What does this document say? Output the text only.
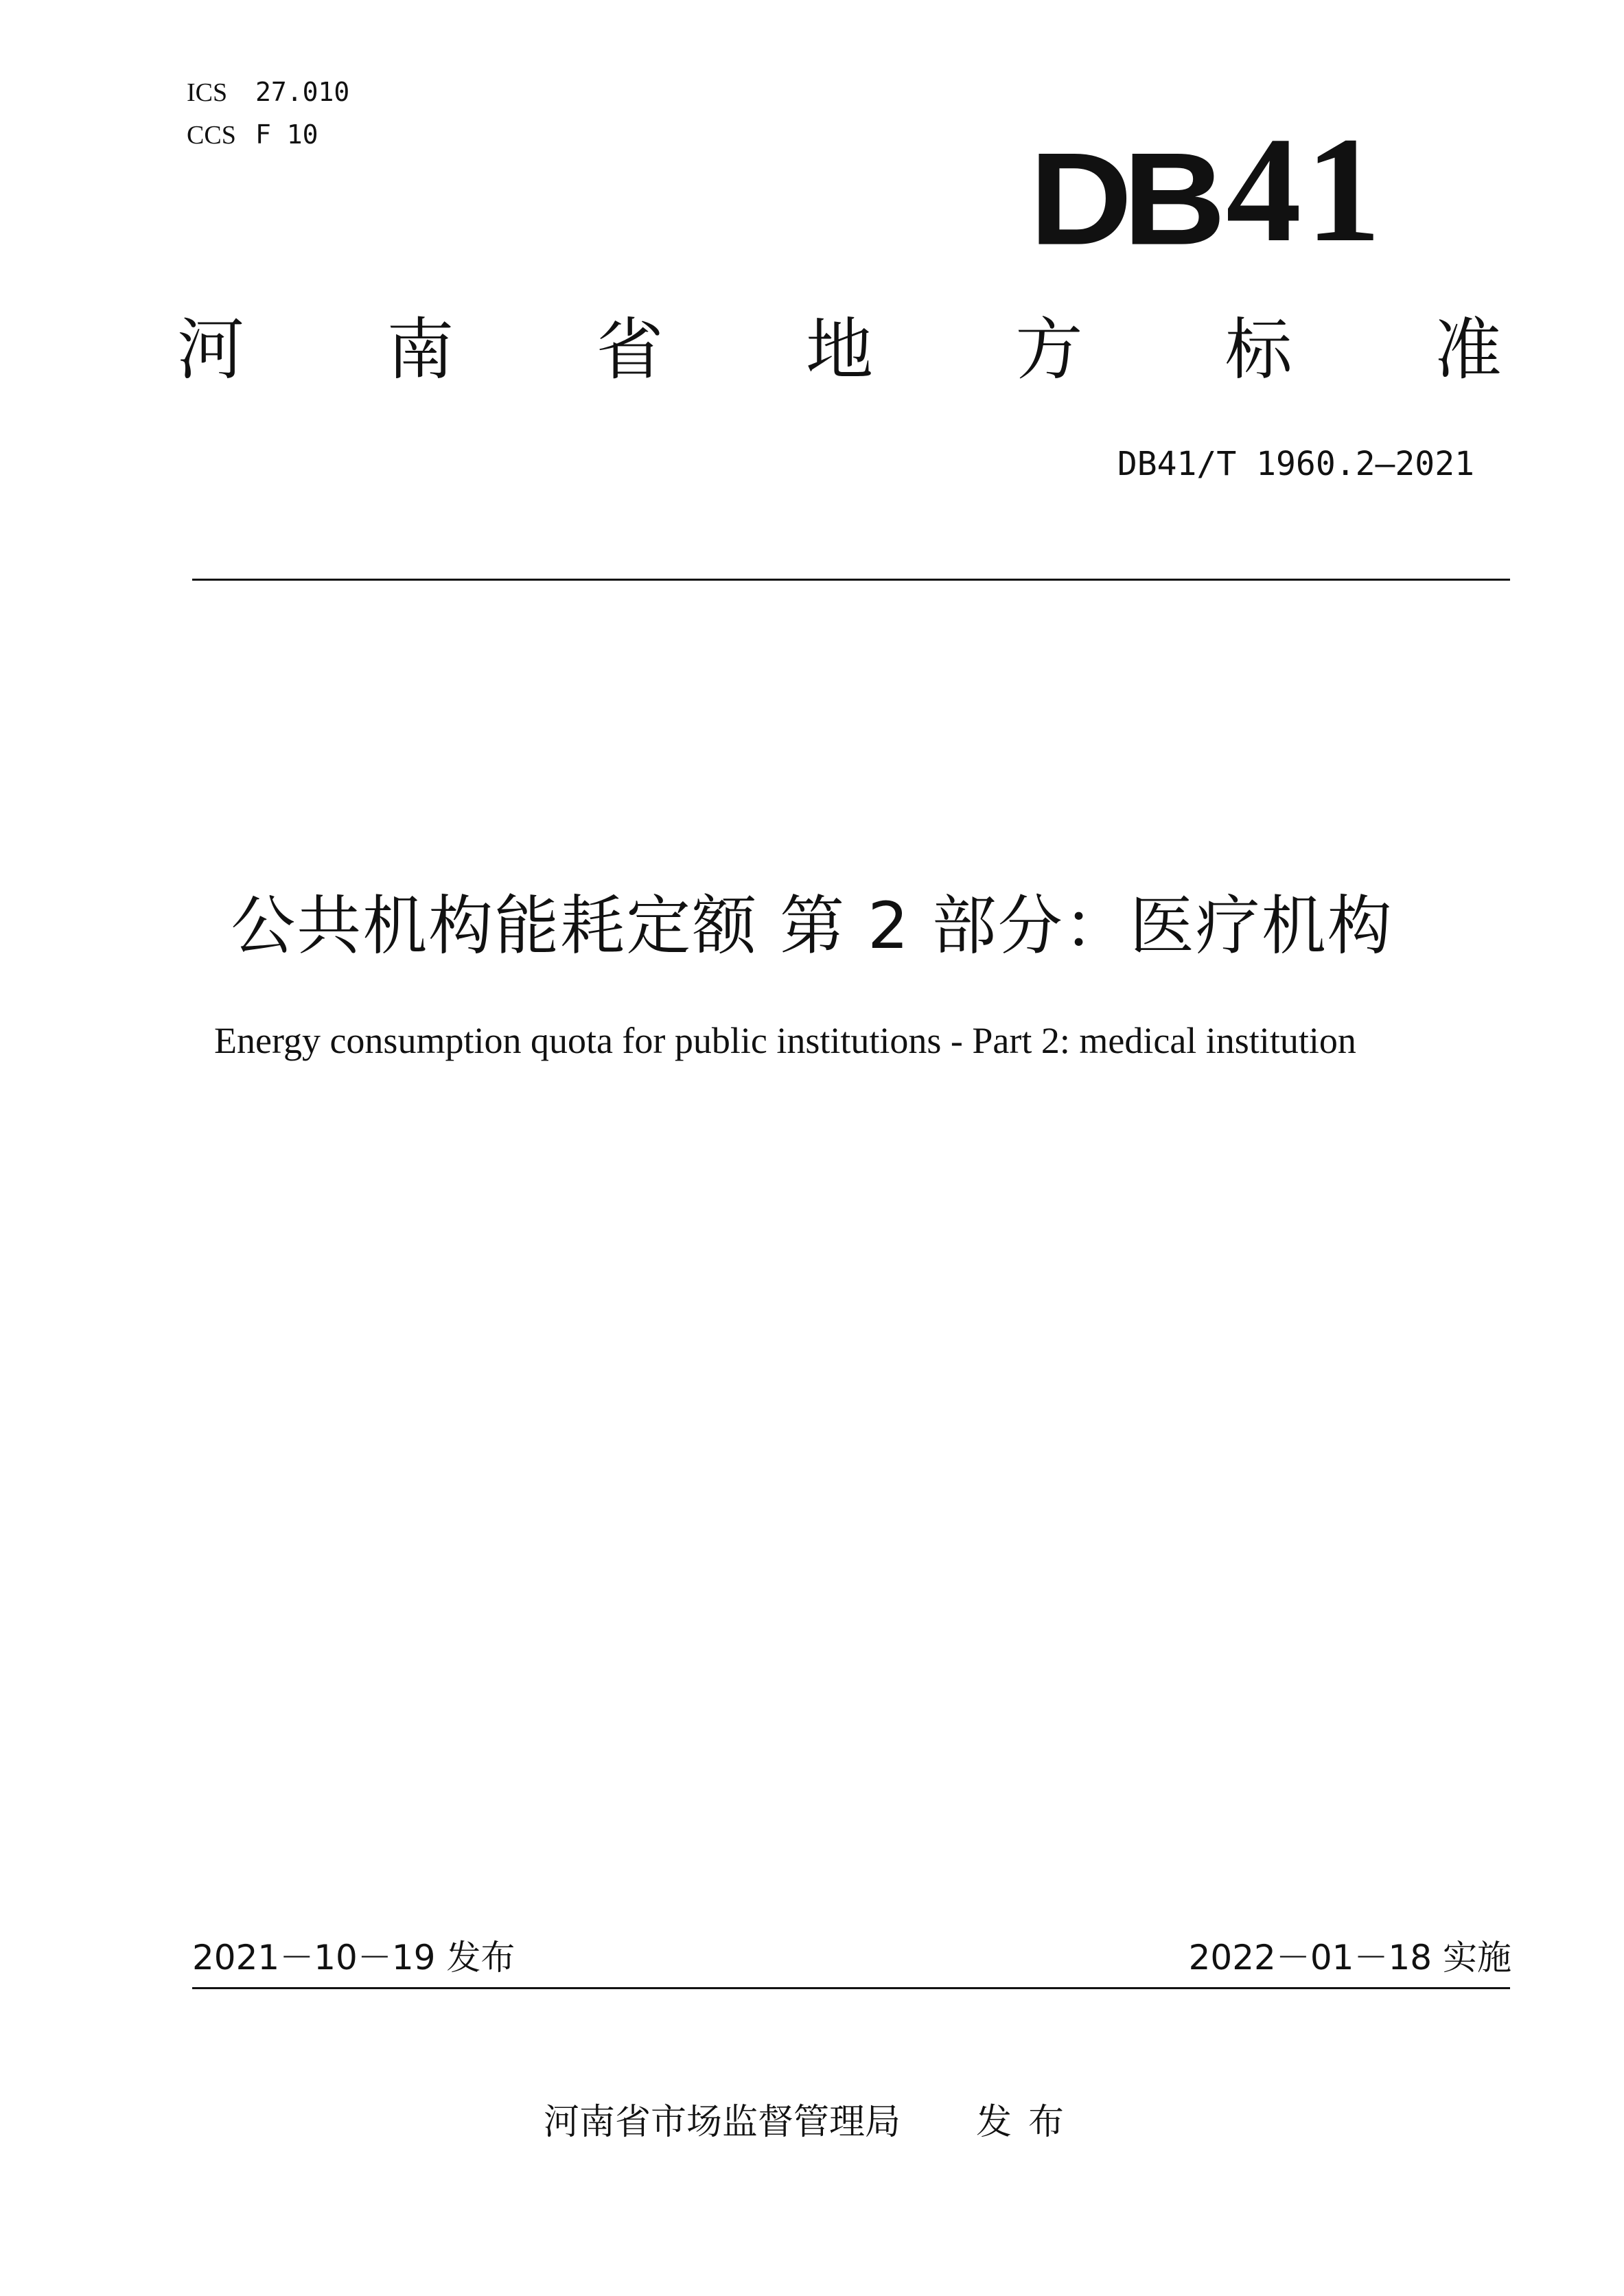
ICS 27.010
CCS F 10	DB 41
河 南 省 地 方 标 准
DB41/T 1960.2—2021
公共机构能耗定额 第 2 部分：医疗机构
Energy consumption quota for public institutions - Part 2: medical institution
2021－10－19 发布	2022－01－18 实施
河南省市场监督管理局 发布
